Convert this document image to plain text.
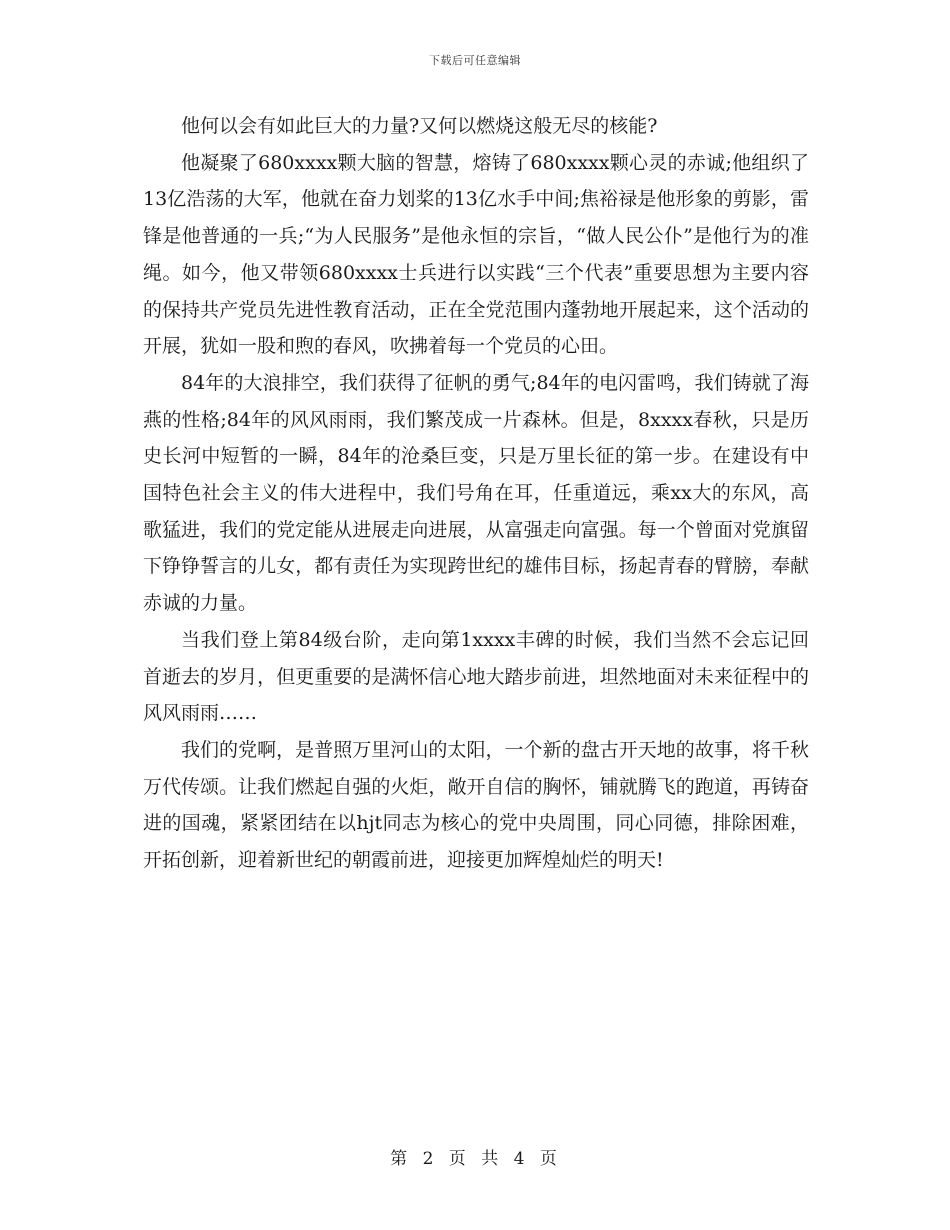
下载后可任意编辑

他何以会有如此巨大的力量?又何以燃烧这般无尽的核能?

他凝聚了680xxxx颗大脑的智慧，熔铸了680xxxx颗心灵的赤诚;他组织了13亿浩荡的大军，他就在奋力划桨的13亿水手中间;焦裕禄是他形象的剪影，雷锋是他普通的一兵;“为人民服务”是他永恒的宗旨，“做人民公仆”是他行为的准绳。如今，他又带领680xxxx士兵进行以实践“三个代表”重要思想为主要内容的保持共产党员先进性教育活动，正在全党范围内蓬勃地开展起来，这个活动的开展，犹如一股和煦的春风，吹拂着每一个党员的心田。

84年的大浪排空，我们获得了征帆的勇气;84年的电闪雷鸣，我们铸就了海燕的性格;84年的风风雨雨，我们繁茂成一片森林。但是，8xxxx春秋，只是历史长河中短暂的一瞬，84年的沧桑巨变，只是万里长征的第一步。在建设有中国特色社会主义的伟大进程中，我们号角在耳，任重道远，乘xx大的东风，高歌猛进，我们的党定能从进展走向进展，从富强走向富强。每一个曾面对党旗留下铮铮誓言的儿女，都有责任为实现跨世纪的雄伟目标，扬起青春的臂膀，奉献赤诚的力量。

当我们登上第84级台阶，走向第1xxxx丰碑的时候，我们当然不会忘记回首逝去的岁月，但更重要的是满怀信心地大踏步前进，坦然地面对未来征程中的风风雨雨……

我们的党啊，是普照万里河山的太阳，一个新的盘古开天地的故事，将千秋万代传颂。让我们燃起自强的火炬，敞开自信的胸怀，铺就腾飞的跑道，再铸奋进的国魂，紧紧团结在以hjt同志为核心的党中央周围，同心同德，排除困难，开拓创新，迎着新世纪的朝霞前进，迎接更加辉煌灿烂的明天!

第 2 页 共 4 页
